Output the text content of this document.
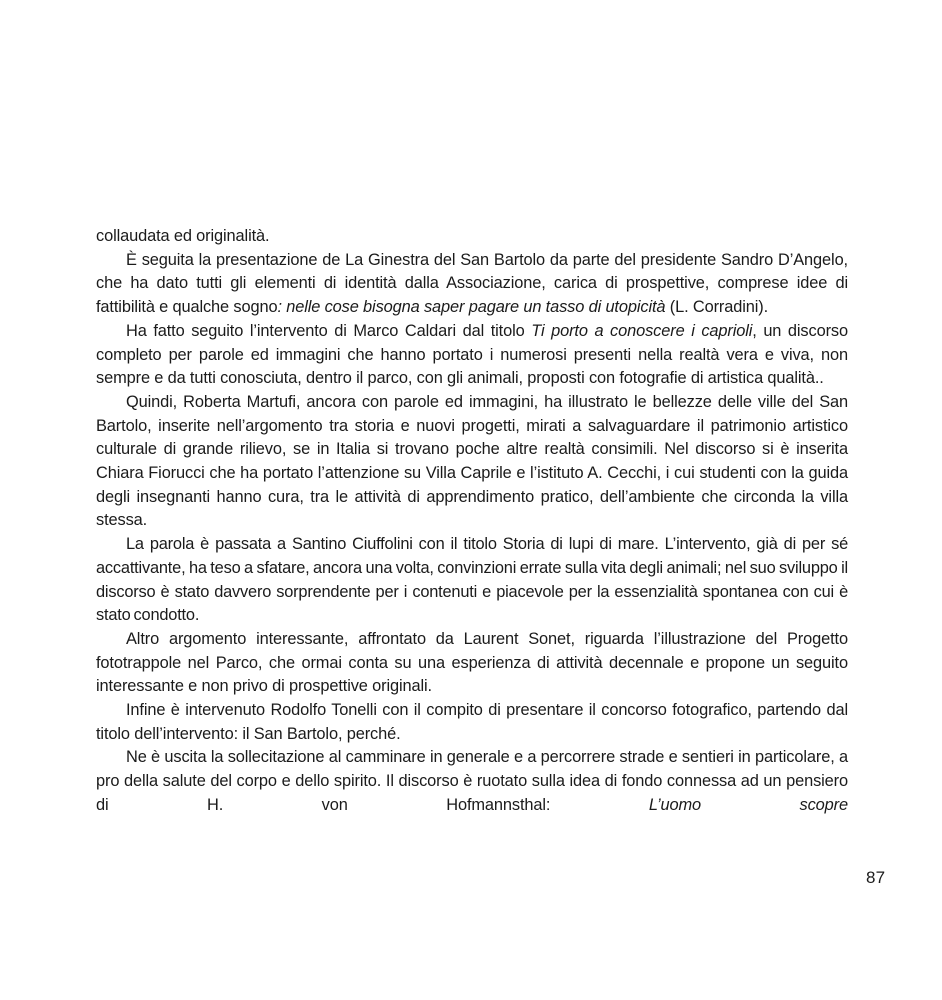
collaudata ed originalità.

È seguita la presentazione de La Ginestra del San Bartolo da parte del presidente Sandro D’Angelo, che ha dato tutti gli elementi di identità dalla Associazione, carica di prospettive, comprese idee di fattibilità e qualche sogno: nelle cose bisogna saper pagare un tasso di utopicità (L. Corradini).

Ha fatto seguito l’intervento di Marco Caldari dal titolo Ti porto a conoscere i caprioli, un discorso completo per parole ed immagini che hanno portato i numerosi presenti nella realtà vera e viva, non sempre e da tutti conosciuta, dentro il parco, con gli animali, proposti con fotografie di artistica qualità..

Quindi, Roberta Martufi, ancora con parole ed immagini, ha illustrato le bellezze delle ville del San Bartolo, inserite nell’argomento tra storia e nuovi progetti, mirati a salvaguardare il patrimonio artistico culturale di grande rilievo, se in Italia si trovano poche altre realtà consimili. Nel discorso si è inserita Chiara Fiorucci che ha portato l’attenzione su Villa Caprile e l’istituto A. Cecchi, i cui studenti con la guida degli insegnanti hanno cura, tra le attività di apprendimento pratico, dell’ambiente che circonda la villa stessa.

La parola è passata a Santino Ciuffolini con il titolo Storia di lupi di mare. L’intervento, già di per sé accattivante, ha teso a sfatare, ancora una volta, convinzioni errate sulla vita degli animali; nel suo sviluppo il discorso è stato davvero sorprendente per i contenuti e piacevole per la essenzialità spontanea con cui è stato condotto.

Altro argomento interessante, affrontato da Laurent Sonet, riguarda l’illustrazione del Progetto fototrappole nel Parco, che ormai conta su una esperienza di attività decennale e propone un seguito interessante e non privo di prospettive originali.

Infine è intervenuto Rodolfo Tonelli con il compito di presentare il concorso fotografico, partendo dal titolo dell’intervento: il San Bartolo, perché.

Ne è uscita la sollecitazione al camminare in generale e a percorrere strade e sentieri in particolare, a pro della salute del corpo e dello spirito. Il discorso è ruotato sulla idea di fondo connessa ad un pensiero di H. von Hofmannsthal: L’uomo scopre

87
